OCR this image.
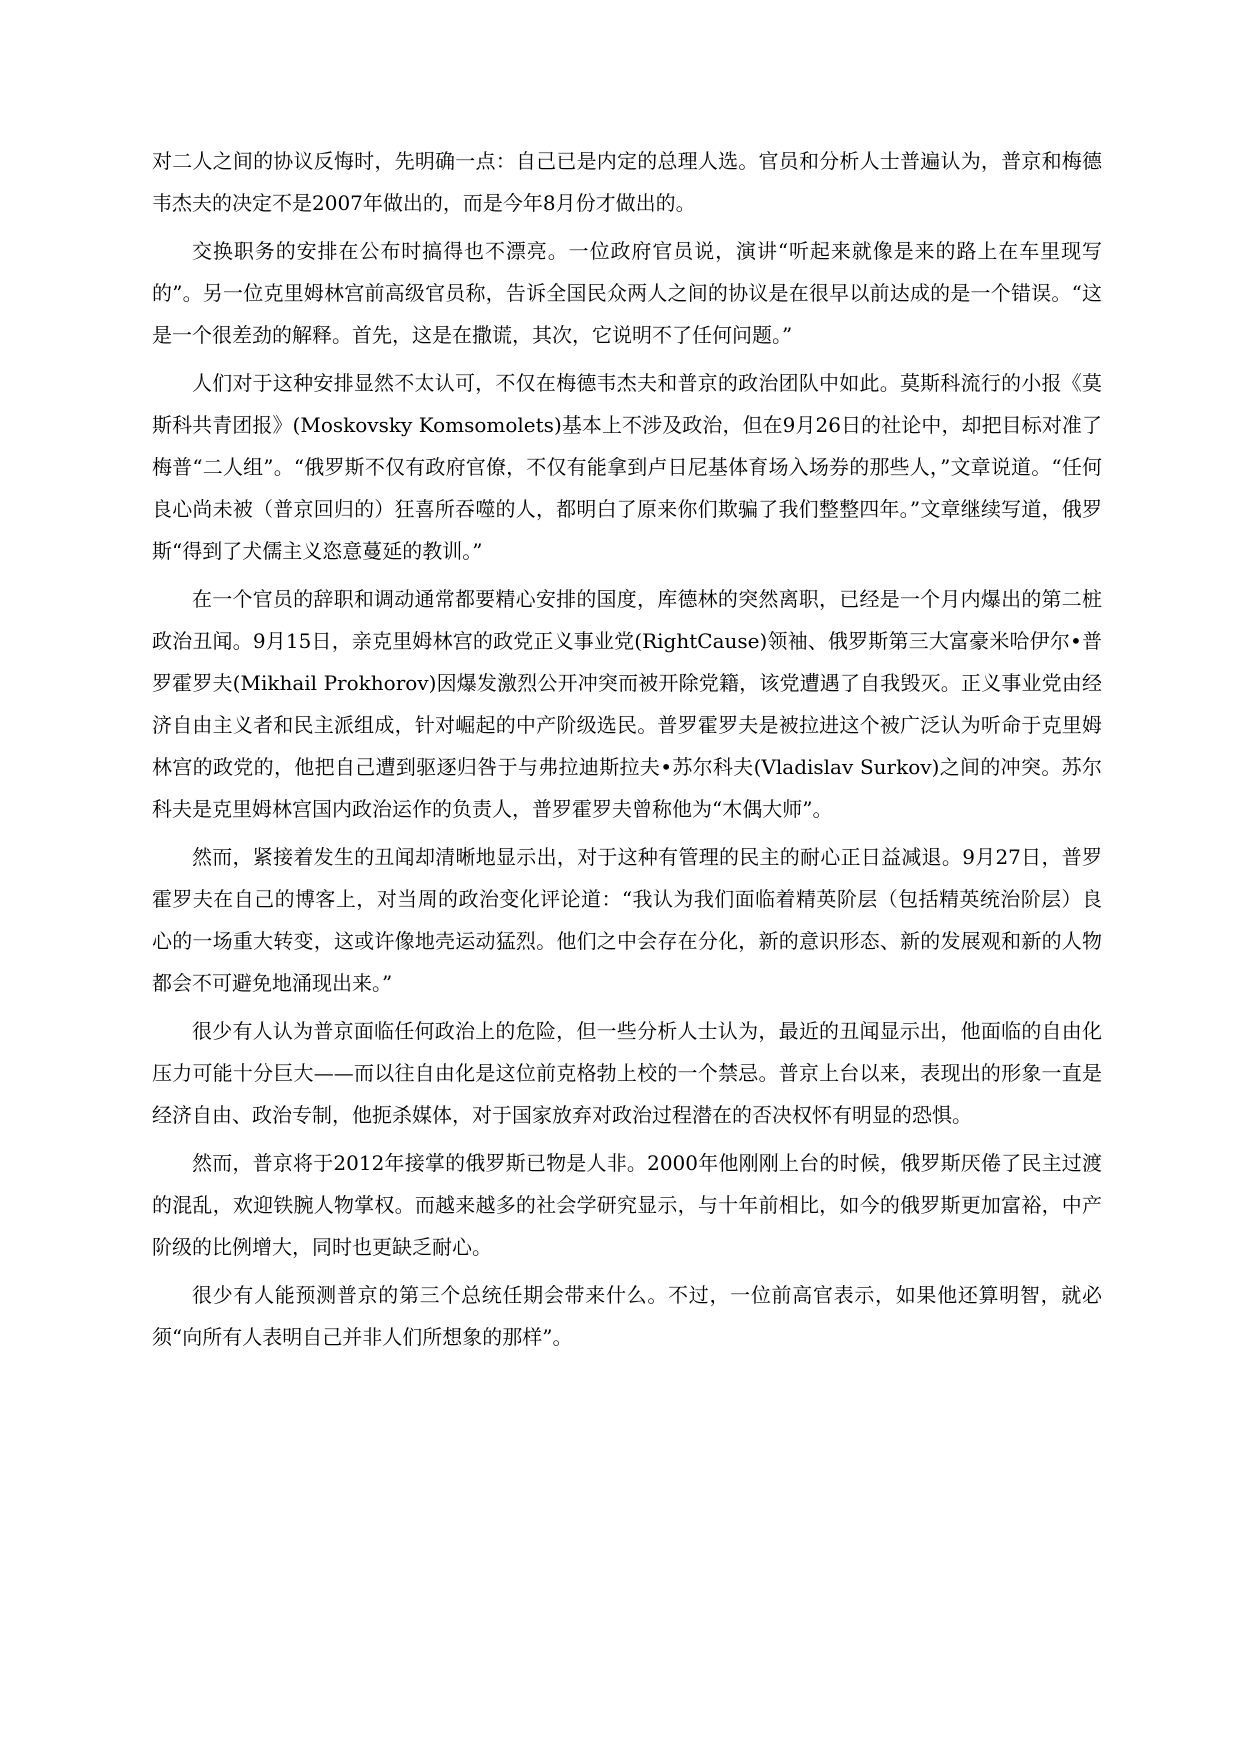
对二人之间的协议反悔时，先明确一点：自己已是内定的总理人选。官员和分析人士普遍认为，普京和梅德韦杰夫的决定不是2007年做出的，而是今年8月份才做出的。

交换职务的安排在公布时搞得也不漂亮。一位政府官员说，演讲“听起来就像是来的路上在车里现写的”。另一位克里姆林宫前高级官员称，告诉全国民众两人之间的协议是在很早以前达成的是一个错误。“这是一个很差劲的解释。首先，这是在撒谎，其次，它说明不了任何问题。”

人们对于这种安排显然不太认可，不仅在梅德韦杰夫和普京的政治团队中如此。莫斯科流行的小报《莫斯科共青团报》(Moskovsky Komsomolets)基本上不涉及政治，但在9月26日的社论中，却把目标对准了梅普“二人组”。“俄罗斯不仅有政府官僚，不仅有能拿到卢日尼基体育场入场券的那些人，”文章说道。“任何良心尚未被（普京回归的）狂喜所吞噬的人，都明白了原来你们欺骗了我们整整四年。”文章继续写道，俄罗斯“得到了犬儒主义恣意蔓延的教训。”

在一个官员的辞职和调动通常都要精心安排的国度，库德林的突然离职，已经是一个月内爆出的第二桩政治丑闻。9月15日，亲克里姆林宫的政党正义事业党(RightCause)领袖、俄罗斯第三大富豪米哈伊尔•普罗霍罗夫(Mikhail Prokhorov)因爆发激烈公开冲突而被开除党籍，该党遭遇了自我毁灭。正义事业党由经济自由主义者和民主派组成，针对崛起的中产阶级选民。普罗霍罗夫是被拉进这个被广泛认为听命于克里姆林宫的政党的，他把自己遭到驱逐归咎于与弗拉迪斯拉夫•苏尔科夫(Vladislav Surkov)之间的冲突。苏尔科夫是克里姆林宫国内政治运作的负责人，普罗霍罗夫曾称他为“木偶大师”。

然而，紧接着发生的丑闻却清晰地显示出，对于这种有管理的民主的耐心正日益减退。9月27日，普罗霍罗夫在自己的博客上，对当周的政治变化评论道：“我认为我们面临着精英阶层（包括精英统治阶层）良心的一场重大转变，这或许像地壳运动猛烈。他们之中会存在分化，新的意识形态、新的发展观和新的人物都会不可避免地涌现出来。”

很少有人认为普京面临任何政治上的危险，但一些分析人士认为，最近的丑闻显示出，他面临的自由化压力可能十分巨大——而以往自由化是这位前克格勃上校的一个禁忌。普京上台以来，表现出的形象一直是经济自由、政治专制，他扼杀媒体，对于国家放弃对政治过程潜在的否决权怀有明显的恐惧。

然而，普京将于2012年接掌的俄罗斯已物是人非。2000年他刚刚上台的时候，俄罗斯厌倦了民主过渡的混乱，欢迎铁腕人物掌权。而越来越多的社会学研究显示，与十年前相比，如今的俄罗斯更加富裕，中产阶级的比例增大，同时也更缺乏耐心。

很少有人能预测普京的第三个总统任期会带来什么。不过，一位前高官表示，如果他还算明智，就必须“向所有人表明自己并非人们所想象的那样”。
